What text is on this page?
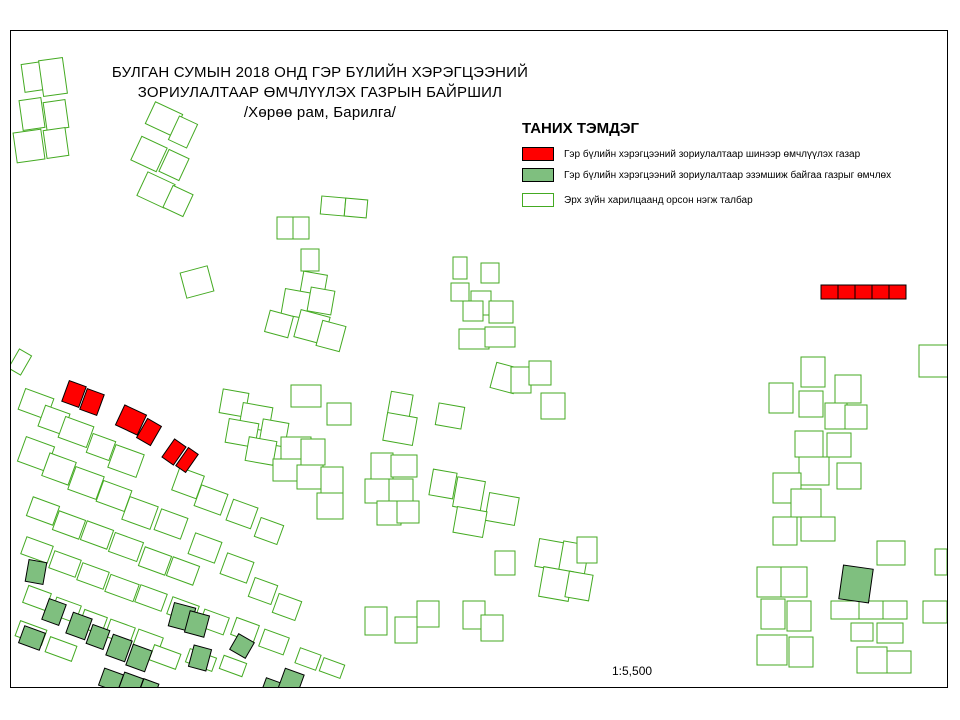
БУЛГАН СУМЫН 2018 ОНД ГЭР БҮЛИЙН ХЭРЭГЦЭЭНИЙ
ЗОРИУЛАЛТААР ӨМЧЛҮҮЛЭХ ГАЗРЫН БАЙРШИЛ
/Хөрөө рам, Барилга/
ТАНИХ ТЭМДЭГ
Гэр бүлийн хэрэгцээний зориулалтаар шинээр өмчлүүлэх газар
Гэр бүлийн хэрэгцээний зориулалтаар эзэмшиж байгаа газрыг өмчлөх
Эрх зүйн харилцаанд орсон нэгж талбар
1:5,500
